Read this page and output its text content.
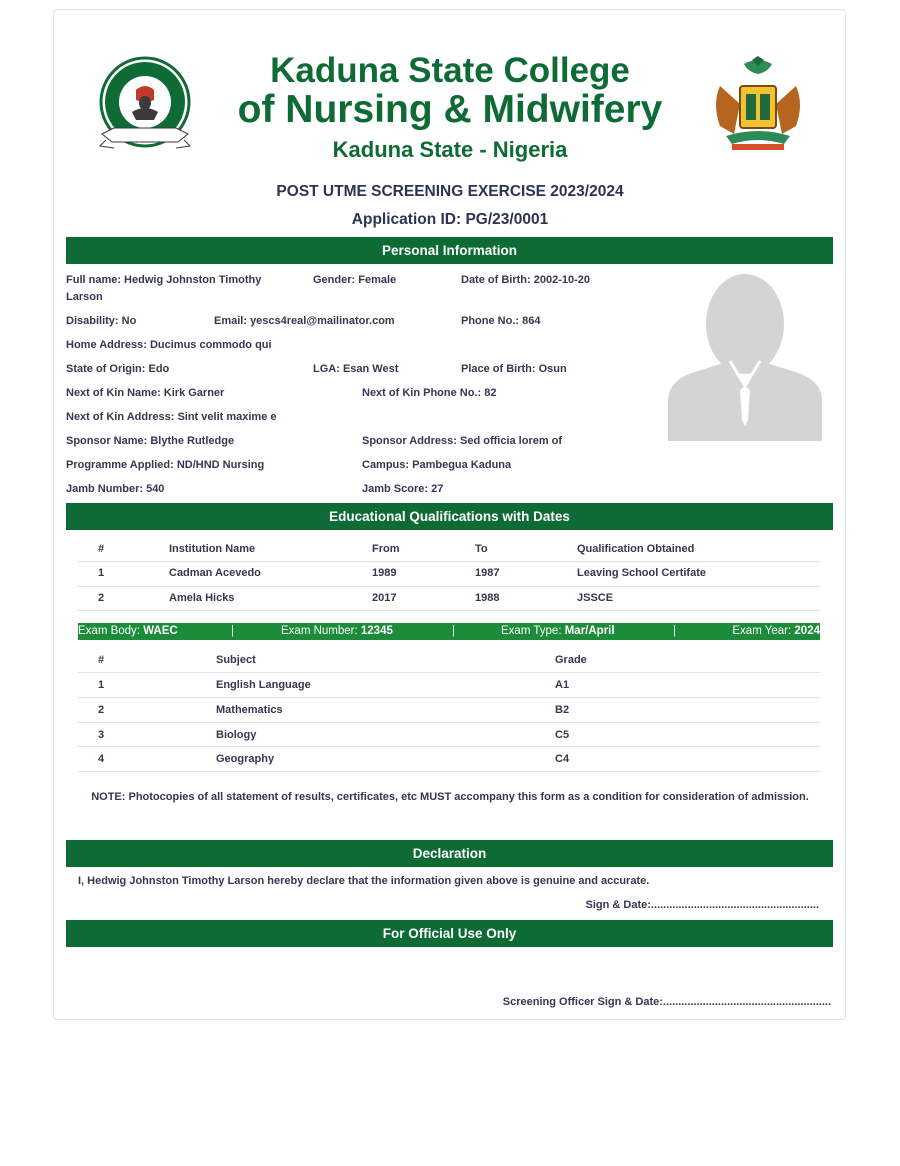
Kaduna State College
of Nursing & Midwifery
Kaduna State - Nigeria
POST UTME SCREENING EXERCISE 2023/2024
Application ID: PG/23/0001
Personal Information
Full name: Hedwig Johnston Timothy Larson
Gender: Female	Date of Birth: 2002-10-20
Disability: No	Email: yescs4real@mailinator.com	Phone No.: 864
Home Address: Ducimus commodo qui
State of Origin: Edo	LGA: Esan West	Place of Birth: Osun
Next of Kin Name: Kirk Garner	Next of Kin Phone No.: 82
Next of Kin Address: Sint velit maxime e
Sponsor Name: Blythe Rutledge	Sponsor Address: Sed officia lorem of
Programme Applied: ND/HND Nursing	Campus: Pambegua Kaduna
Jamb Number: 540	Jamb Score: 27
Educational Qualifications with Dates
#	Institution Name	From	To	Qualification Obtained
1	Cadman Acevedo	1989	1987	Leaving School Certifate
2	Amela Hicks	2017	1988	JSSCE
Exam Body: WAEC	|	Exam Number: 12345	|	Exam Type: Mar/April	|	Exam Year: 2024
#	Subject	Grade
1	English Language	A1
2	Mathematics	B2
3	Biology	C5
4	Geography	C4
NOTE: Photocopies of all statement of results, certificates, etc MUST accompany this form as a condition for consideration of admission.
Declaration
I, Hedwig Johnston Timothy Larson hereby declare that the information given above is genuine and accurate.
Sign & Date:.......................................................
For Official Use Only
Screening Officer Sign & Date:.......................................................
